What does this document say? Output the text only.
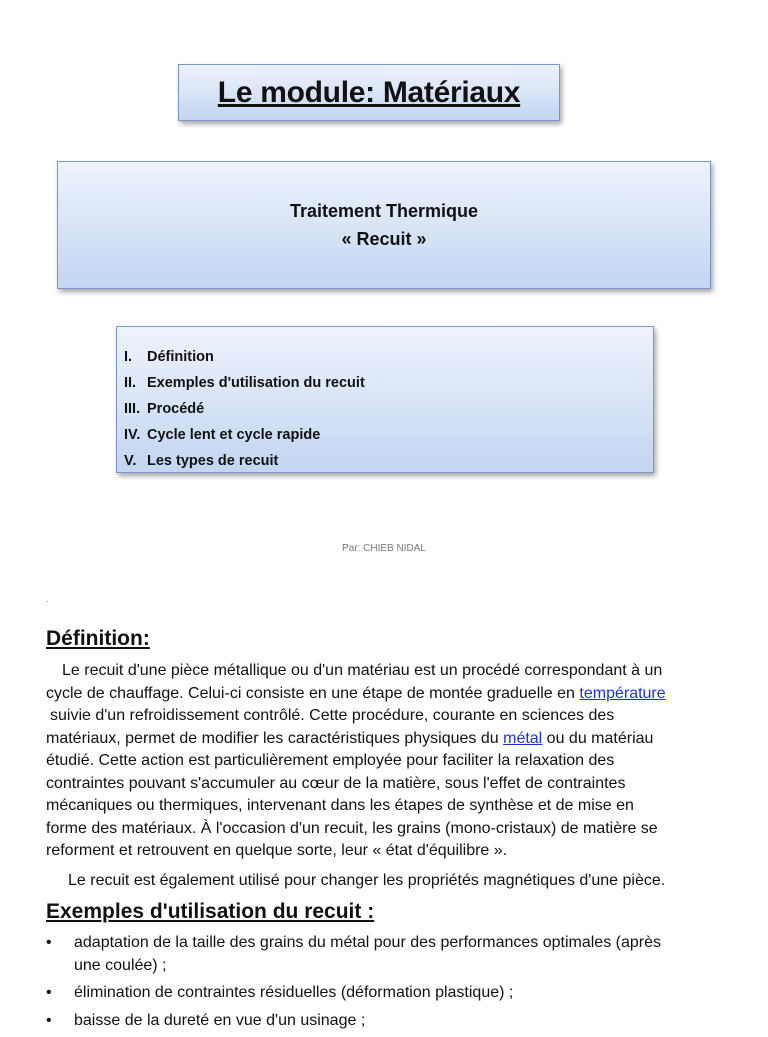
Le module: Matériaux
Traitement Thermique
« Recuit »
I.	Définition
II. Exemples d'utilisation du recuit
III. Procédé
IV. Cycle lent et cycle rapide
V. Les types de recuit
Par: CHIEB NIDAL
.
Définition:

Le recuit d'une pièce métallique ou d'un matériau est un procédé correspondant à un
cycle de chauffage. Celui-ci consiste en une étape de montée graduelle en température
suivie d'un refroidissement contrôlé. Cette procédure, courante en sciences des
matériaux, permet de modifier les caractéristiques physiques du métal ou du matériau
étudié. Cette action est particulièrement employée pour faciliter la relaxation des
contraintes pouvant s'accumuler au cœur de la matière, sous l'effet de contraintes
mécaniques ou thermiques, intervenant dans les étapes de synthèse et de mise en
forme des matériaux. À l'occasion d'un recuit, les grains (mono-cristaux) de matière se
reforment et retrouvent en quelque sorte, leur « état d'équilibre ».

Le recuit est également utilisé pour changer les propriétés magnétiques d'une pièce.

Exemples d'utilisation du recuit :
• adaptation de la taille des grains du métal pour des performances optimales (après
une coulée) ;
• élimination de contraintes résiduelles (déformation plastique) ;
• baisse de la dureté en vue d'un usinage ;
